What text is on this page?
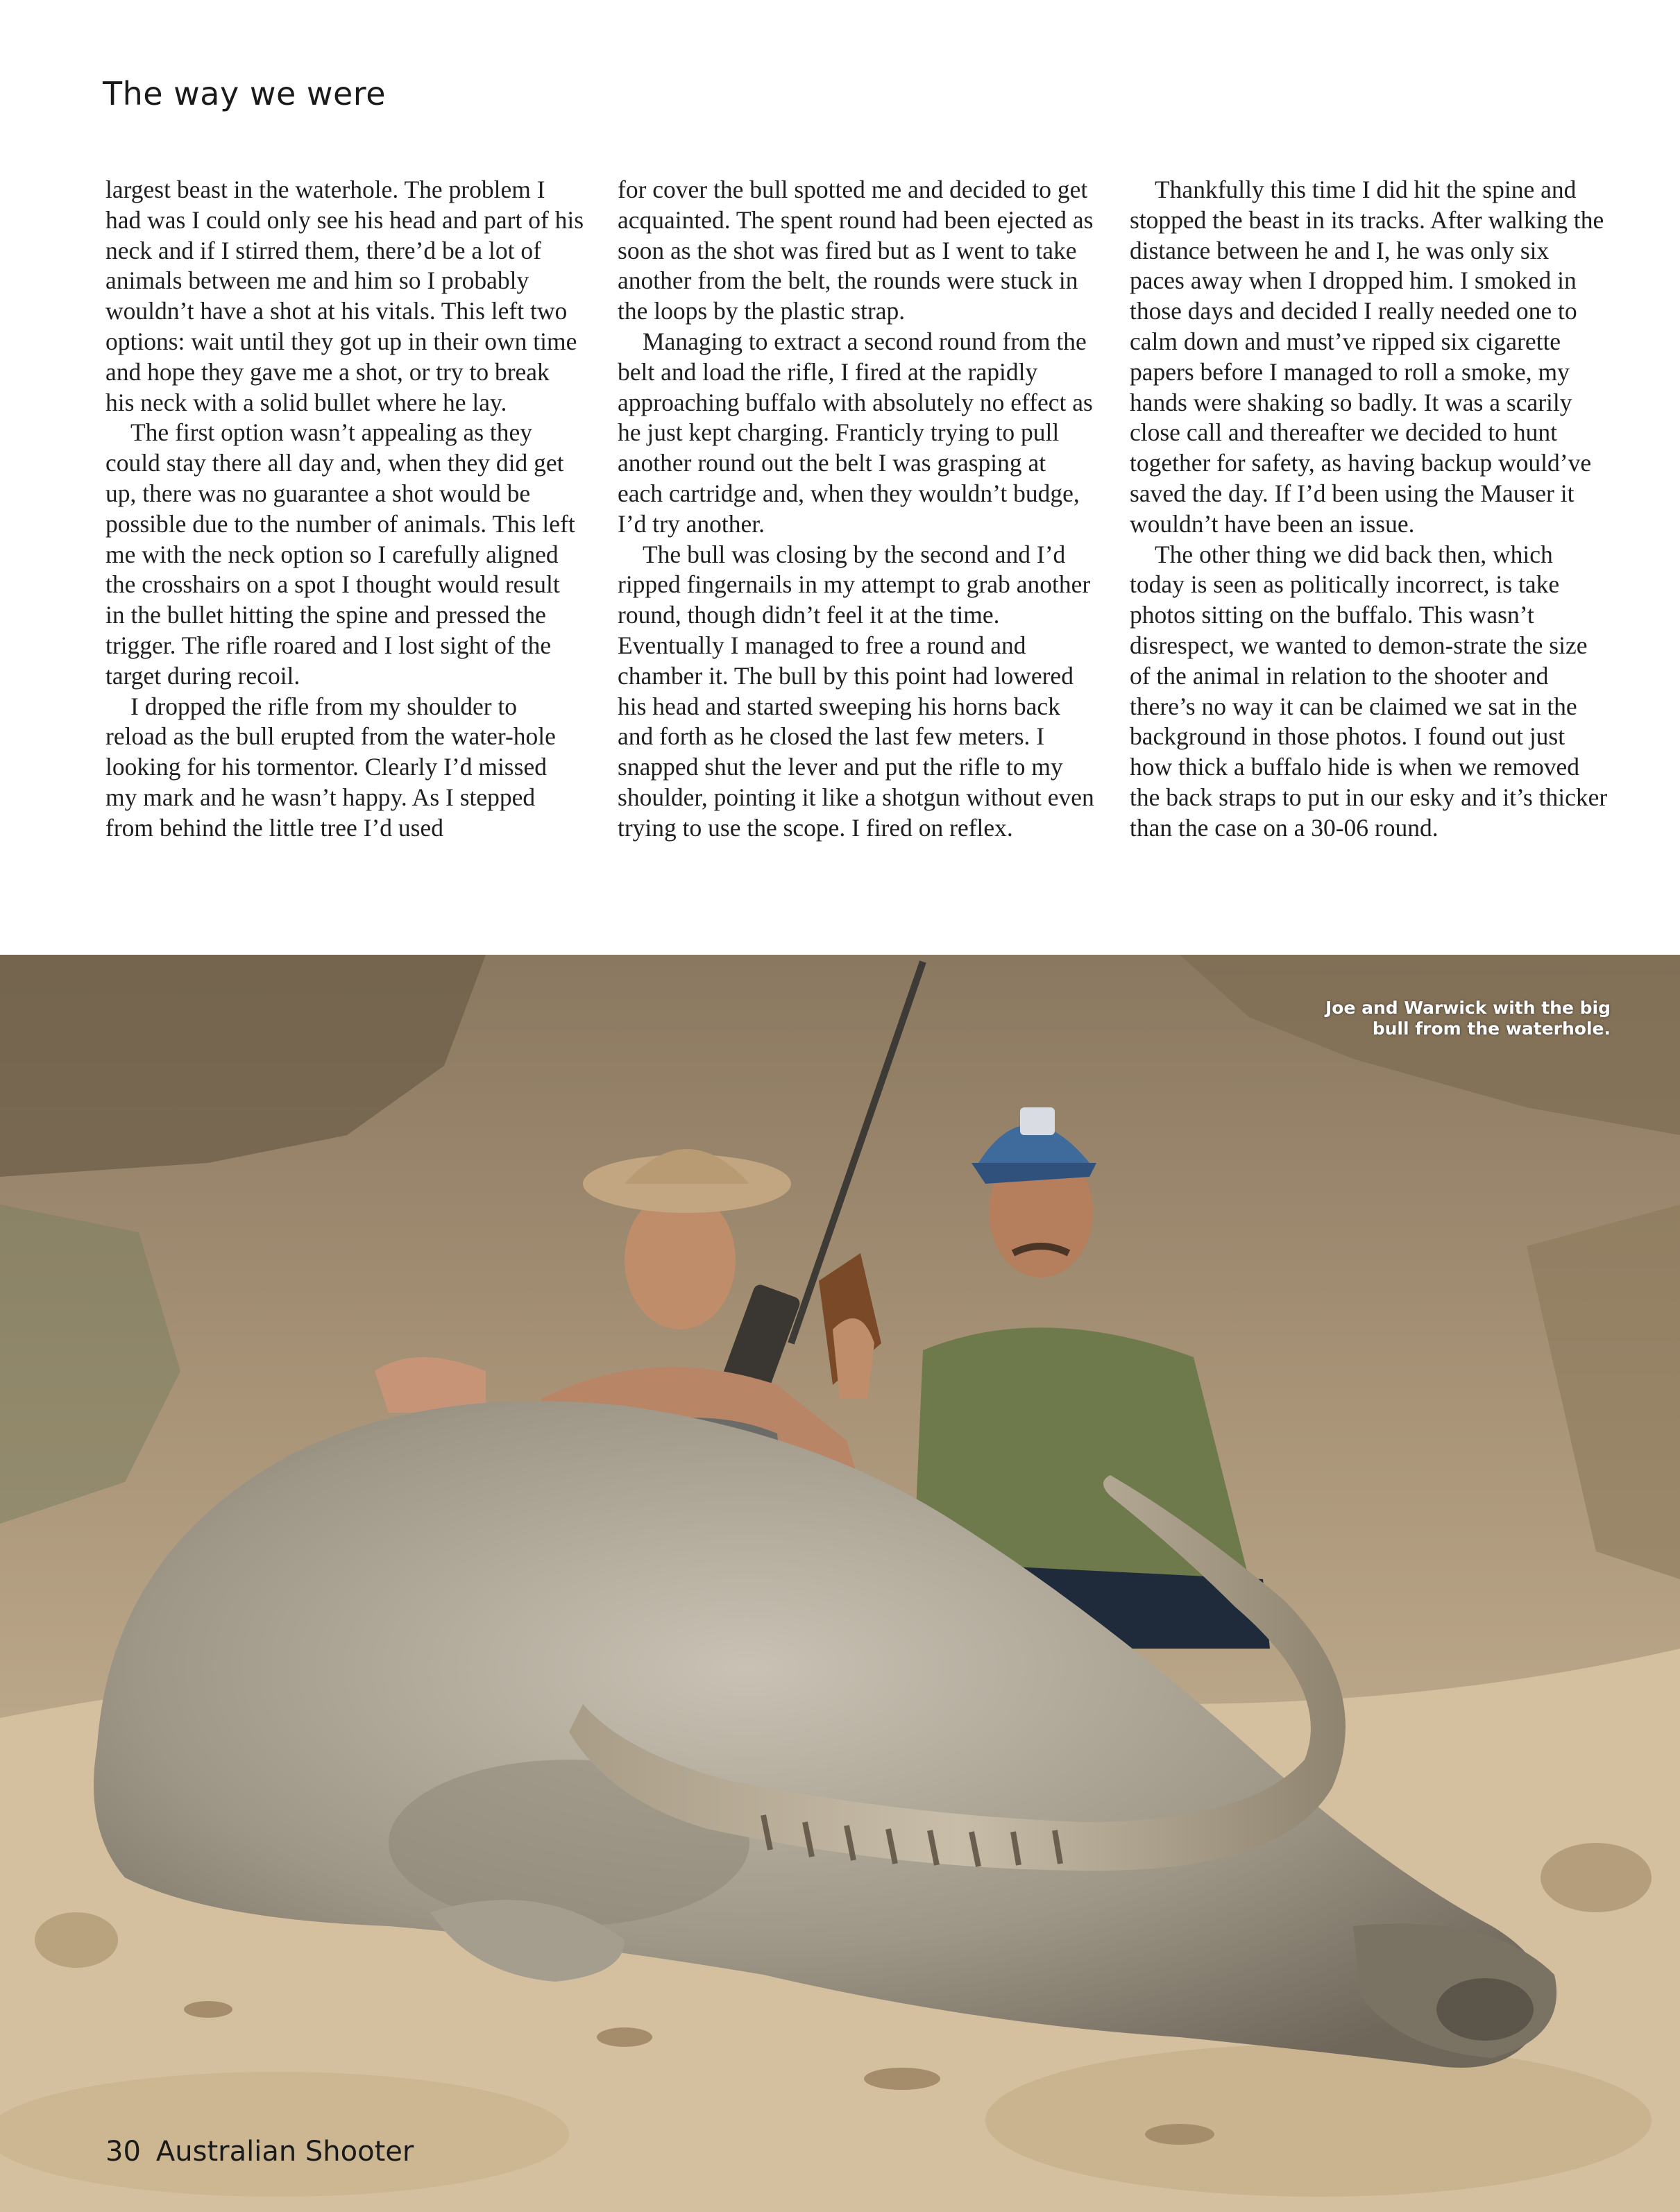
The way we were

largest beast in the waterhole. The problem I had was I could only see his head and part of his neck and if I stirred them, there’d be a lot of animals between me and him so I probably wouldn’t have a shot at his vitals. This left two options: wait until they got up in their own time and hope they gave me a shot, or try to break his neck with a solid bullet where he lay.

The first option wasn’t appealing as they could stay there all day and, when they did get up, there was no guarantee a shot would be possible due to the number of animals. This left me with the neck option so I carefully aligned the crosshairs on a spot I thought would result in the bullet hitting the spine and pressed the trigger. The rifle roared and I lost sight of the target during recoil.

I dropped the rifle from my shoulder to reload as the bull erupted from the water-hole looking for his tormentor. Clearly I’d missed my mark and he wasn’t happy. As I stepped from behind the little tree I’d used

for cover the bull spotted me and decided to get acquainted. The spent round had been ejected as soon as the shot was fired but as I went to take another from the belt, the rounds were stuck in the loops by the plastic strap.

Managing to extract a second round from the belt and load the rifle, I fired at the rapidly approaching buffalo with absolutely no effect as he just kept charging. Franticly trying to pull another round out the belt I was grasping at each cartridge and, when they wouldn’t budge, I’d try another.

The bull was closing by the second and I’d ripped fingernails in my attempt to grab another round, though didn’t feel it at the time. Eventually I managed to free a round and chamber it. The bull by this point had lowered his head and started sweeping his horns back and forth as he closed the last few meters. I snapped shut the lever and put the rifle to my shoulder, pointing it like a shotgun without even trying to use the scope. I fired on reflex.

Thankfully this time I did hit the spine and stopped the beast in its tracks. After walking the distance between he and I, he was only six paces away when I dropped him. I smoked in those days and decided I really needed one to calm down and must’ve ripped six cigarette papers before I managed to roll a smoke, my hands were shaking so badly. It was a scarily close call and thereafter we decided to hunt together for safety, as having backup would’ve saved the day. If I’d been using the Mauser it wouldn’t have been an issue.

The other thing we did back then, which today is seen as politically incorrect, is take photos sitting on the buffalo. This wasn’t disrespect, we wanted to demon-strate the size of the animal in relation to the shooter and there’s no way it can be claimed we sat in the background in those photos. I found out just how thick a buffalo hide is when we removed the back straps to put in our esky and it’s thicker than the case on a 30-06 round.

Joe and Warwick with the big
bull from the waterhole.
30 Australian Shooter
